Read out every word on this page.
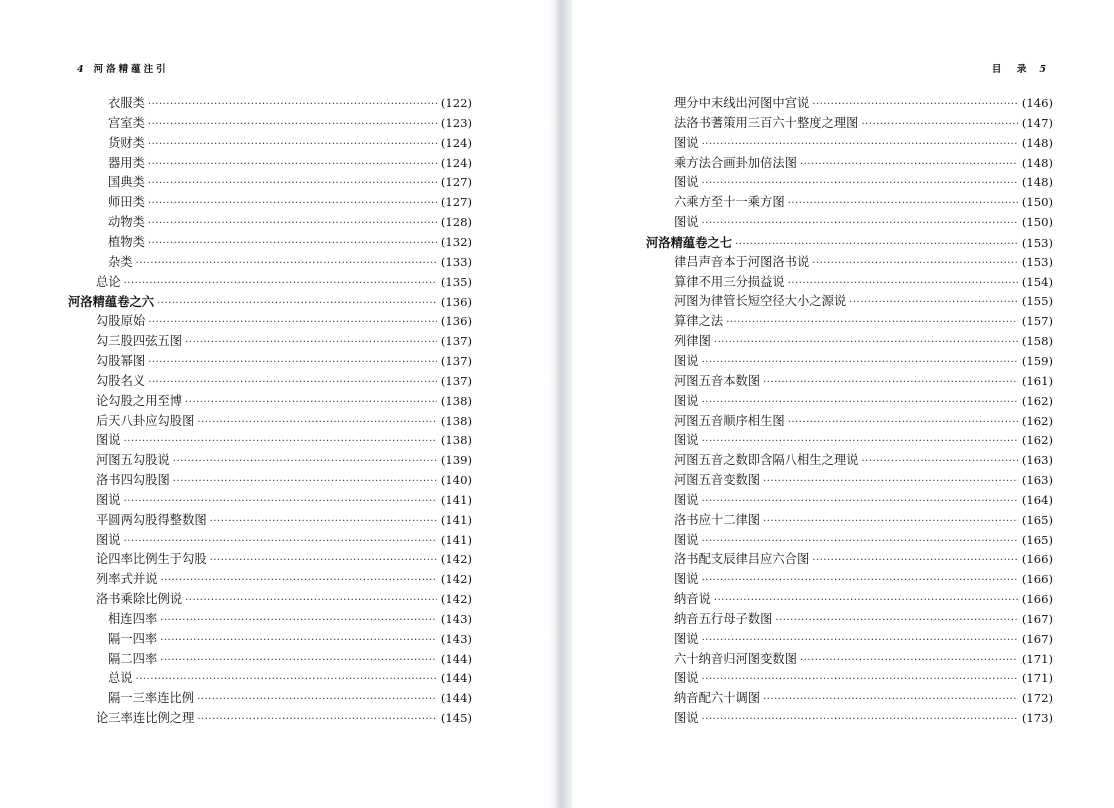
4 河洛精蕴注引
衣服类 ·····	(122)
宫室类 ·····	(123)
货财类 ·····	(124)
器用类 ·····	(124)
国典类 ·····	(127)
师田类 ·····	(127)
动物类 ·····	(128)
植物类 ·····	(132)
杂类 ·····	(133)
总论 ·····	(135)
河洛精蕴卷之六 ·····	(136)
勾股原始 ·····	(136)
勾三股四弦五图 ·····	(137)
勾股幂图 ·····	(137)
勾股名义 ·····	(137)
论勾股之用至博 ·····	(138)
后天八卦应勾股图 ·····	(138)
图说 ·····	(138)
河图五勾股说 ·····	(139)
洛书四勾股图 ·····	(140)
图说 ·····	(141)
平圆两勾股得整数图 ·····	(141)
图说 ·····	(141)
论四率比例生于勾股 ·····	(142)
列率式并说 ·····	(142)
洛书乘除比例说 ·····	(142)
相连四率 ·····	(143)
隔一四率 ·····	(143)
隔二四率 ·····	(144)
总说 ·····	(144)
隔一三率连比例 ·····	(144)
论三率连比例之理 ·····	(145)
目　录 5
理分中末线出河图中宫说 ·····	(146)
法洛书蓍策用三百六十整度之理图 ·····	(147)
图说 ·····	(148)
乘方法合画卦加倍法图 ·····	(148)
图说 ·····	(148)
六乘方至十一乘方图 ·····	(150)
图说 ·····	(150)
河洛精蕴卷之七 ·····	(153)
律吕声音本于河图洛书说 ·····	(153)
算律不用三分损益说 ·····	(154)
河图为律管长短空径大小之源说 ·····	(155)
算律之法 ·····	(157)
列律图 ·····	(158)
图说 ·····	(159)
河图五音本数图 ·····	(161)
图说 ·····	(162)
河图五音顺序相生图 ·····	(162)
图说 ·····	(162)
河图五音之数即含隔八相生之理说 ·····	(163)
河图五音变数图 ·····	(163)
图说 ·····	(164)
洛书应十二律图 ·····	(165)
图说 ·····	(165)
洛书配支辰律吕应六合图 ·····	(166)
图说 ·····	(166)
纳音说 ·····	(166)
纳音五行母子数图 ·····	(167)
图说 ·····	(167)
六十纳音归河图变数图 ·····	(171)
图说 ·····	(171)
纳音配六十调图 ·····	(172)
图说 ·····	(173)
